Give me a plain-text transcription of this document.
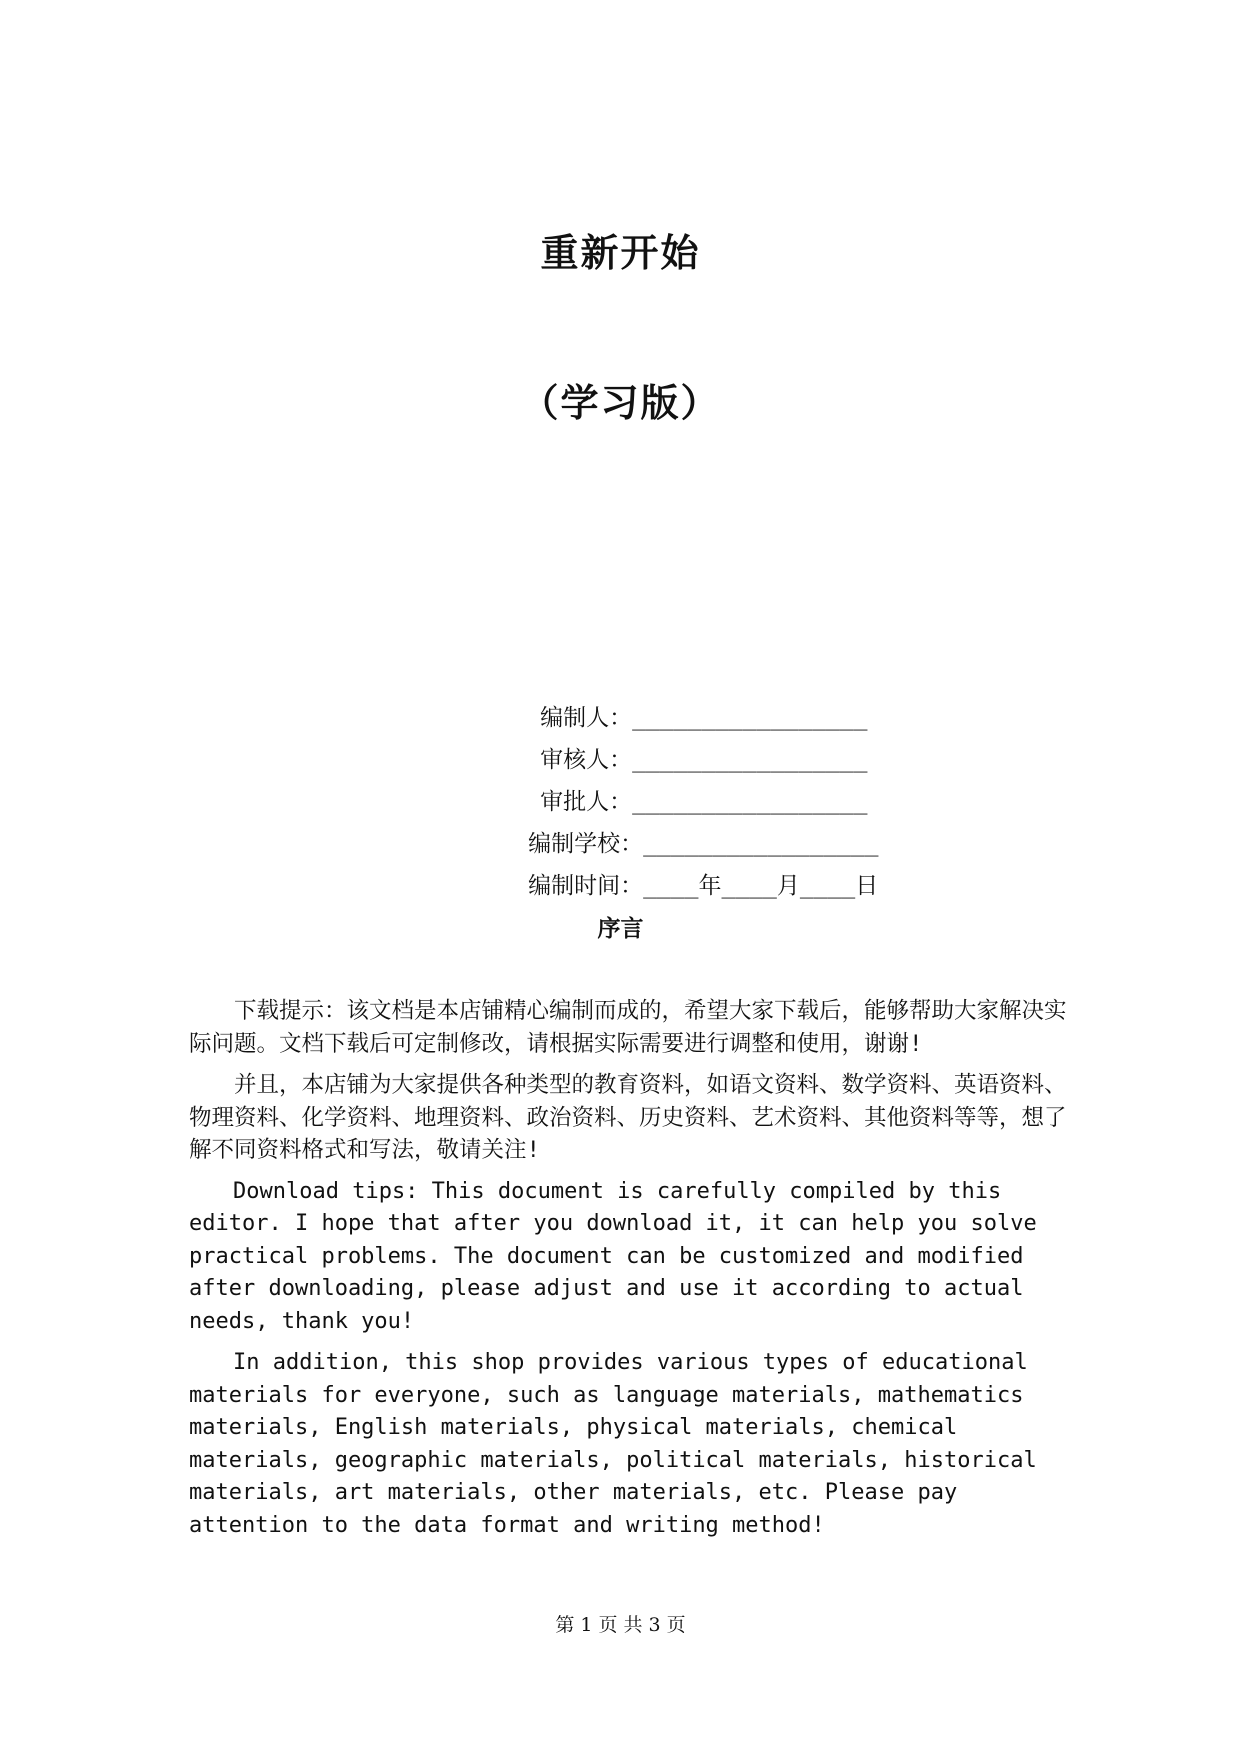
重新开始
（学习版）

编制人：_________________

审核人：_________________

审批人：_________________

编制学校：_________________

编制时间：____年____月____日

序言

下载提示：该文档是本店铺精心编制而成的，希望大家下载后，能够帮助大家解决实际问题。文档下载后可定制修改，请根据实际需要进行调整和使用，谢谢!

并且，本店铺为大家提供各种类型的教育资料，如语文资料、数学资料、英语资料、物理资料、化学资料、地理资料、政治资料、历史资料、艺术资料、其他资料等等，想了解不同资料格式和写法，敬请关注!

Download tips: This document is carefully compiled by this editor. I hope that after you download it, it can help you solve practical problems. The document can be customized and modified after downloading, please adjust and use it according to actual needs, thank you!

In addition, this shop provides various types of educational materials for everyone, such as language materials, mathematics materials, English materials, physical materials, chemical materials, geographic materials, political materials, historical materials, art materials, other materials, etc. Please pay attention to the data format and writing method!

第 1 页 共 3 页
